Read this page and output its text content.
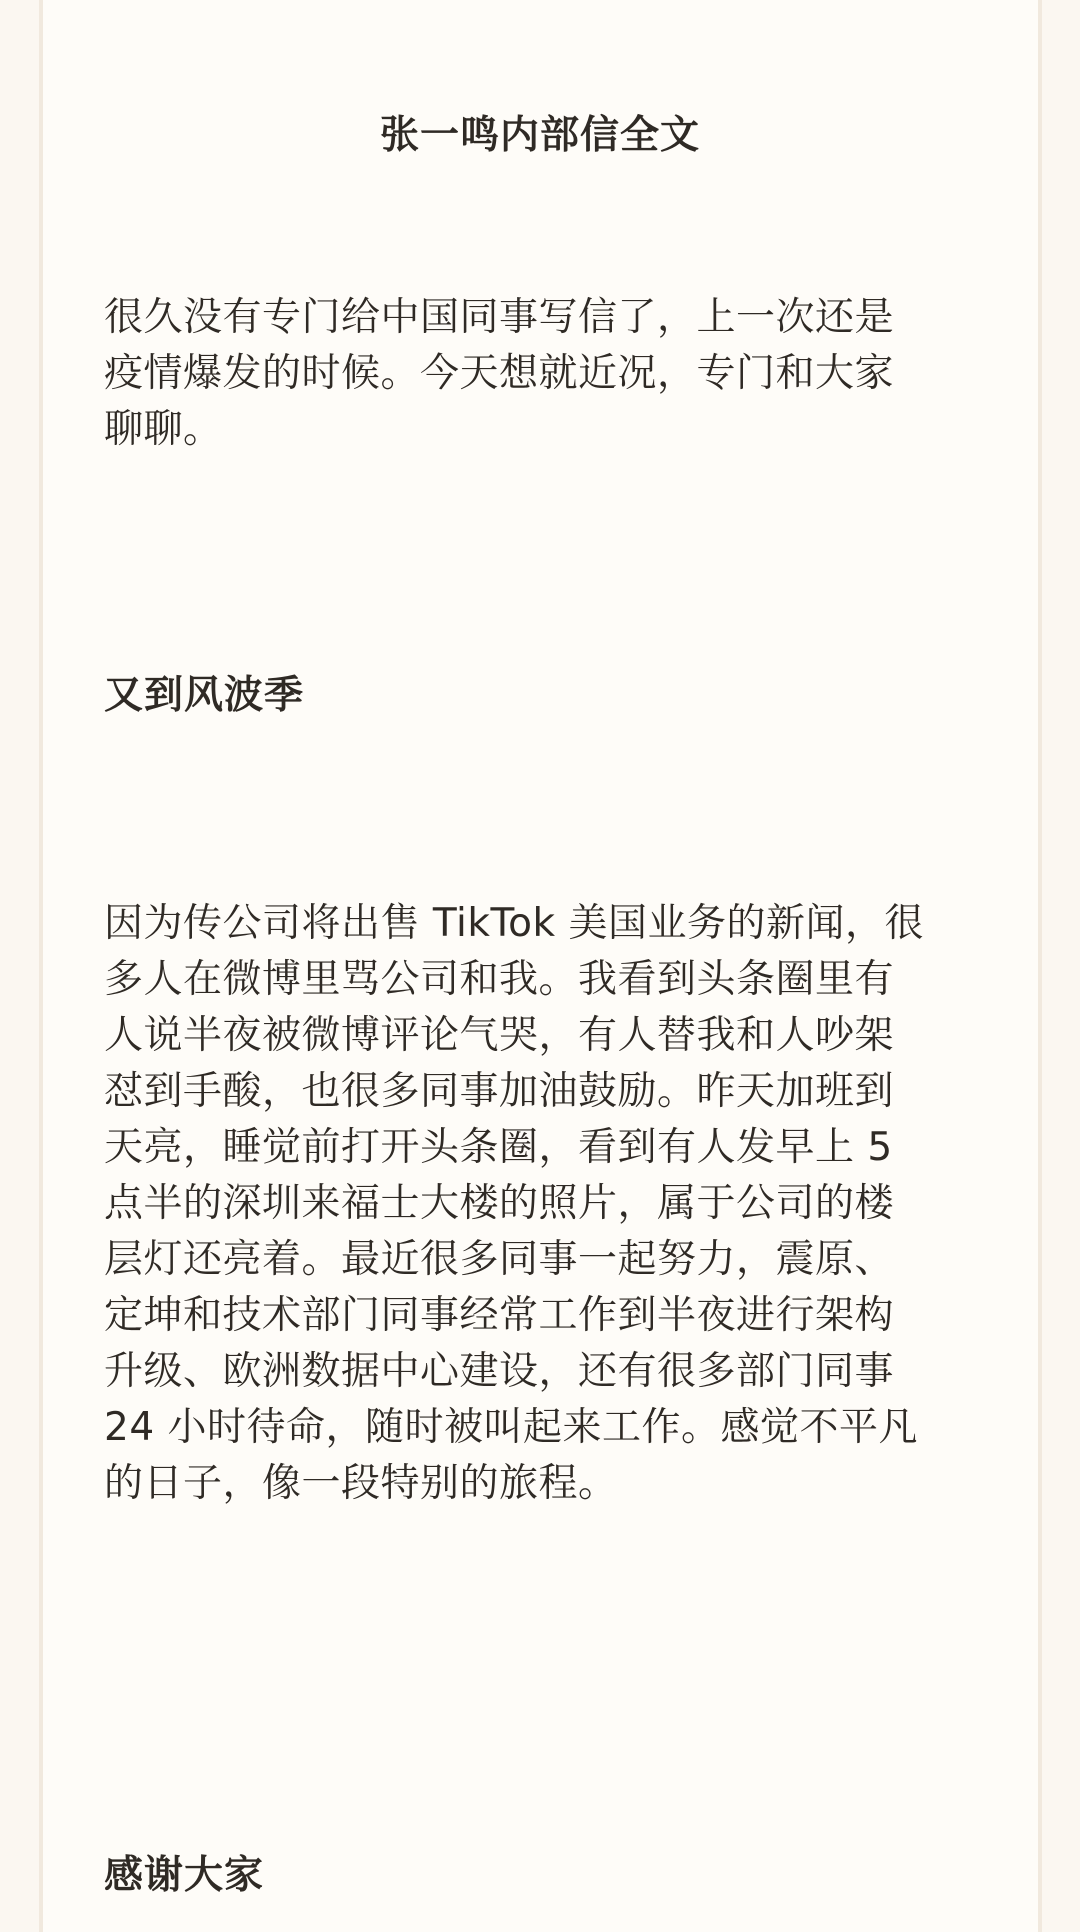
张一鸣内部信全文

很久没有专门给中国同事写信了，上一次还是
疫情爆发的时候。今天想就近况，专门和大家
聊聊。

又到风波季

因为传公司将出售 TikTok 美国业务的新闻，很
多人在微博里骂公司和我。我看到头条圈里有
人说半夜被微博评论气哭，有人替我和人吵架
怼到手酸，也很多同事加油鼓励。昨天加班到
天亮，睡觉前打开头条圈，看到有人发早上 5
点半的深圳来福士大楼的照片，属于公司的楼
层灯还亮着。最近很多同事一起努力，震原、
定坤和技术部门同事经常工作到半夜进行架构
升级、欧洲数据中心建设，还有很多部门同事
24 小时待命，随时被叫起来工作。感觉不平凡
的日子，像一段特别的旅程。

感谢大家
